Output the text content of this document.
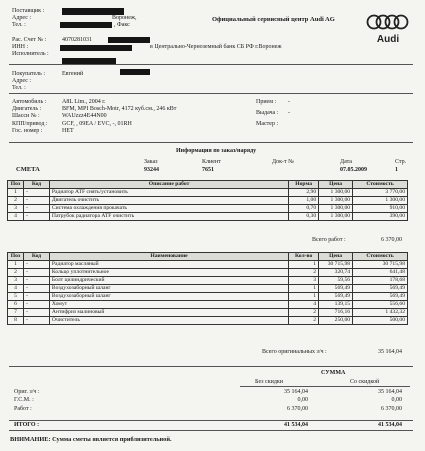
Официальный сервисный центр Audi AG
Audi
в Центрально-Черноземный банк СБ РФ г.Воронеж
Информация по заказ/наряду
СМЕТА
Поз	Код	Описание работ	Норма	Цена	Стоимость
1	-	Радиатор АТF снять/установить	2,90	1 300,00	3 770,00
2	-	Двигатель очистить	1,00	1 300,00	1 300,00
3	-	Система охлаждения прокачать	0,70	1 300,00	910,00
4	-	Патрубок радиатора АТF очистить	0,30	1 300,00	390,00
Всего работ :	6 370,00
Поз	Код	Наименование	Кол-во	Цена	Стоимость
1	-	Радиатор масляный	1	30 715,98	30 715,98
2	-	Кольцо уплотнительное	2	320,74	641,48
3	-	Болт цилиндрический	3	59,56	178,68
4	-	Воздухозаборный шланг	1	569,49	569,49
5	-	Воздухозаборный шланг	1	569,49	569,49
6	-	Хомут	4	139,15	556,60
7	-	Антифриз малиновый	2	716,16	1 432,32
8	-	Очиститель	2	250,00	500,00
Всего оригинальных з/ч :	35 164,04
СУММА
Без скидки	Со скидкой
ИТОГО :	41 534,04	41 534,04
ВНИМАНИЕ: Сумма сметы является приблизительной.
Поставщик :
Адрес :	Воронеж,
Тел. :	, Факс
Рас. Счет № :	4070281031
ИНН :
Исполнитель :
Покупатель :	Евгений
Адрес :
Тел. :
Автомобиль :	A8L Lim., 2004 г.
Двигатель :	BFM, MPI Bosch-Motr, 4172 куб.см., 246 кВт
Шасси № :	WAUzzz4E44N00
КПП/привод : GCF, , 09EA / EVC, -, 01RH
Гос. номер :	НЕТ
Прием : -
Выдача : -
Мастер :
Заказ
93244
Клиент
7651
Док-т №	Дата
07.05.2009
Стр.
1
Ориг. з/ч :	35 164,04	35 164,04
Г.С.М. :	0,00	0,00
Работ :	6 370,00	6 370,00
